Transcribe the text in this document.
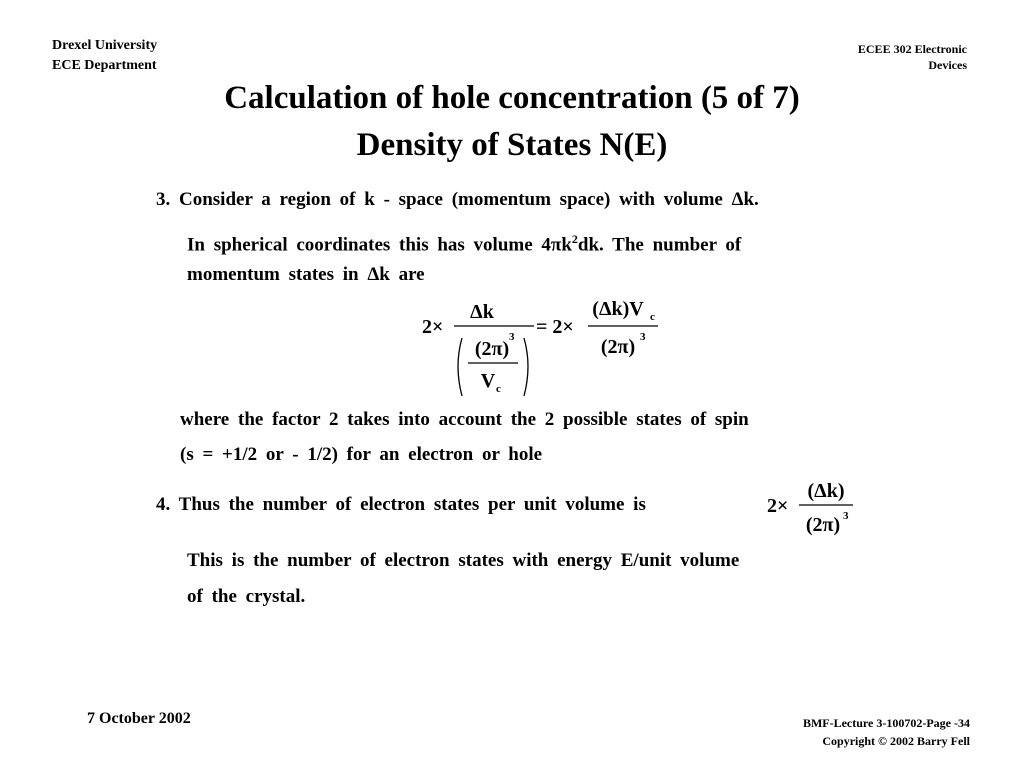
Drexel University
ECE Department
ECEE 302 Electronic
Devices
Calculation of hole concentration (5 of 7)
Density of States N(E)
3. Consider a region of k - space (momentum space) with volume Δk.
In spherical coordinates this has volume $4\pi k^2dk$. The number of
momentum states in Δk are
2×
Δk
(2π)
3
V c
= 2×
(Δk)V c
(2π) 3
where the factor 2 takes into account the 2 possible states of spin
(s = +1/2 or - 1/2) for an electron or hole
4. Thus the number of electron states per unit volume is	2×
(Δk)
(2π) 3
This is the number of electron states with energy E/unit volume
of the crystal.
7 October 2002	BMF-Lecture 3-100702-Page -34
Copyright © 2002 Barry Fell
